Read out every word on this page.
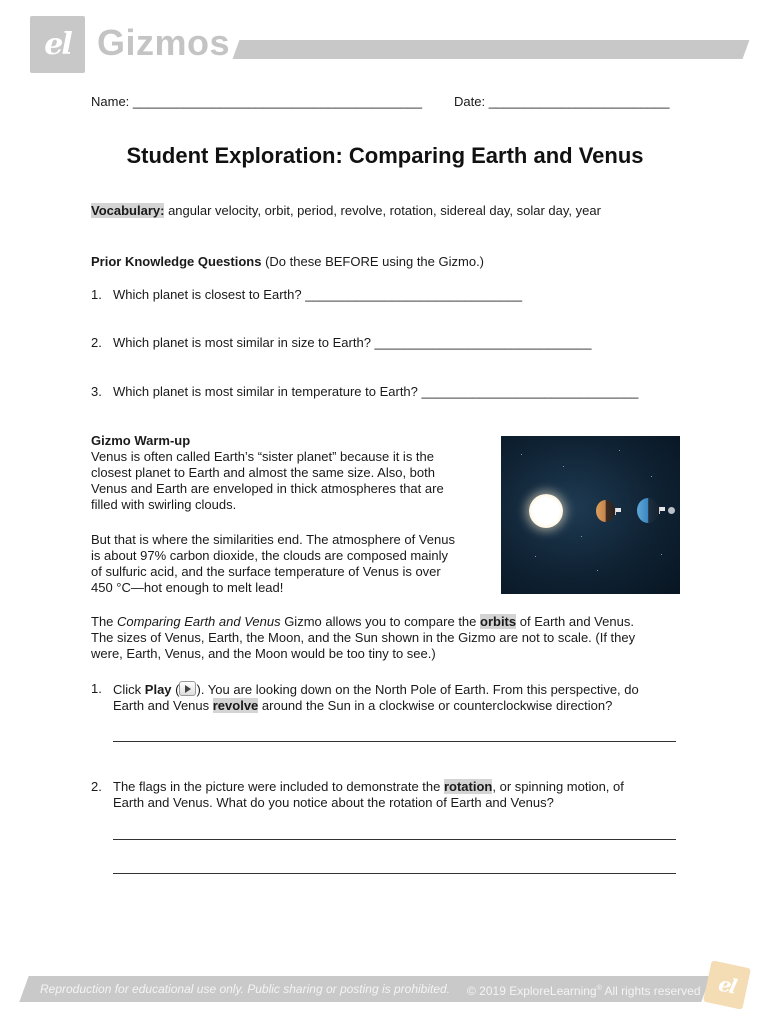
el Gizmos
Name: ________________________________________ Date: _________________________
Student Exploration: Comparing Earth and Venus
Vocabulary: angular velocity, orbit, period, revolve, rotation, sidereal day, solar day, year
Prior Knowledge Questions (Do these BEFORE using the Gizmo.)
1. Which planet is closest to Earth? ______________________________
2. Which planet is most similar in size to Earth? ______________________________
3. Which planet is most similar in temperature to Earth? ______________________________
Gizmo Warm-up
Venus is often called Earth’s “sister planet” because it is the
closest planet to Earth and almost the same size. Also, both
Venus and Earth are enveloped in thick atmospheres that are
filled with swirling clouds.
But that is where the similarities end. The atmosphere of Venus
is about 97% carbon dioxide, the clouds are composed mainly
of sulfuric acid, and the surface temperature of Venus is over
450 °C—hot enough to melt lead!
The Comparing Earth and Venus Gizmo allows you to compare the orbits of Earth and Venus.
The sizes of Venus, Earth, the Moon, and the Sun shown in the Gizmo are not to scale. (If they
were, Earth, Venus, and the Moon would be too tiny to see.)
1. Click Play ( ). You are looking down on the North Pole of Earth. From this perspective, do
Earth and Venus revolve around the Sun in a clockwise or counterclockwise direction?
2. The flags in the picture were included to demonstrate the rotation, or spinning motion, of
Earth and Venus. What do you notice about the rotation of Earth and Venus?
Reproduction for educational use only. Public sharing or posting is prohibited. © 2019 ExploreLearning® All rights reserved el
